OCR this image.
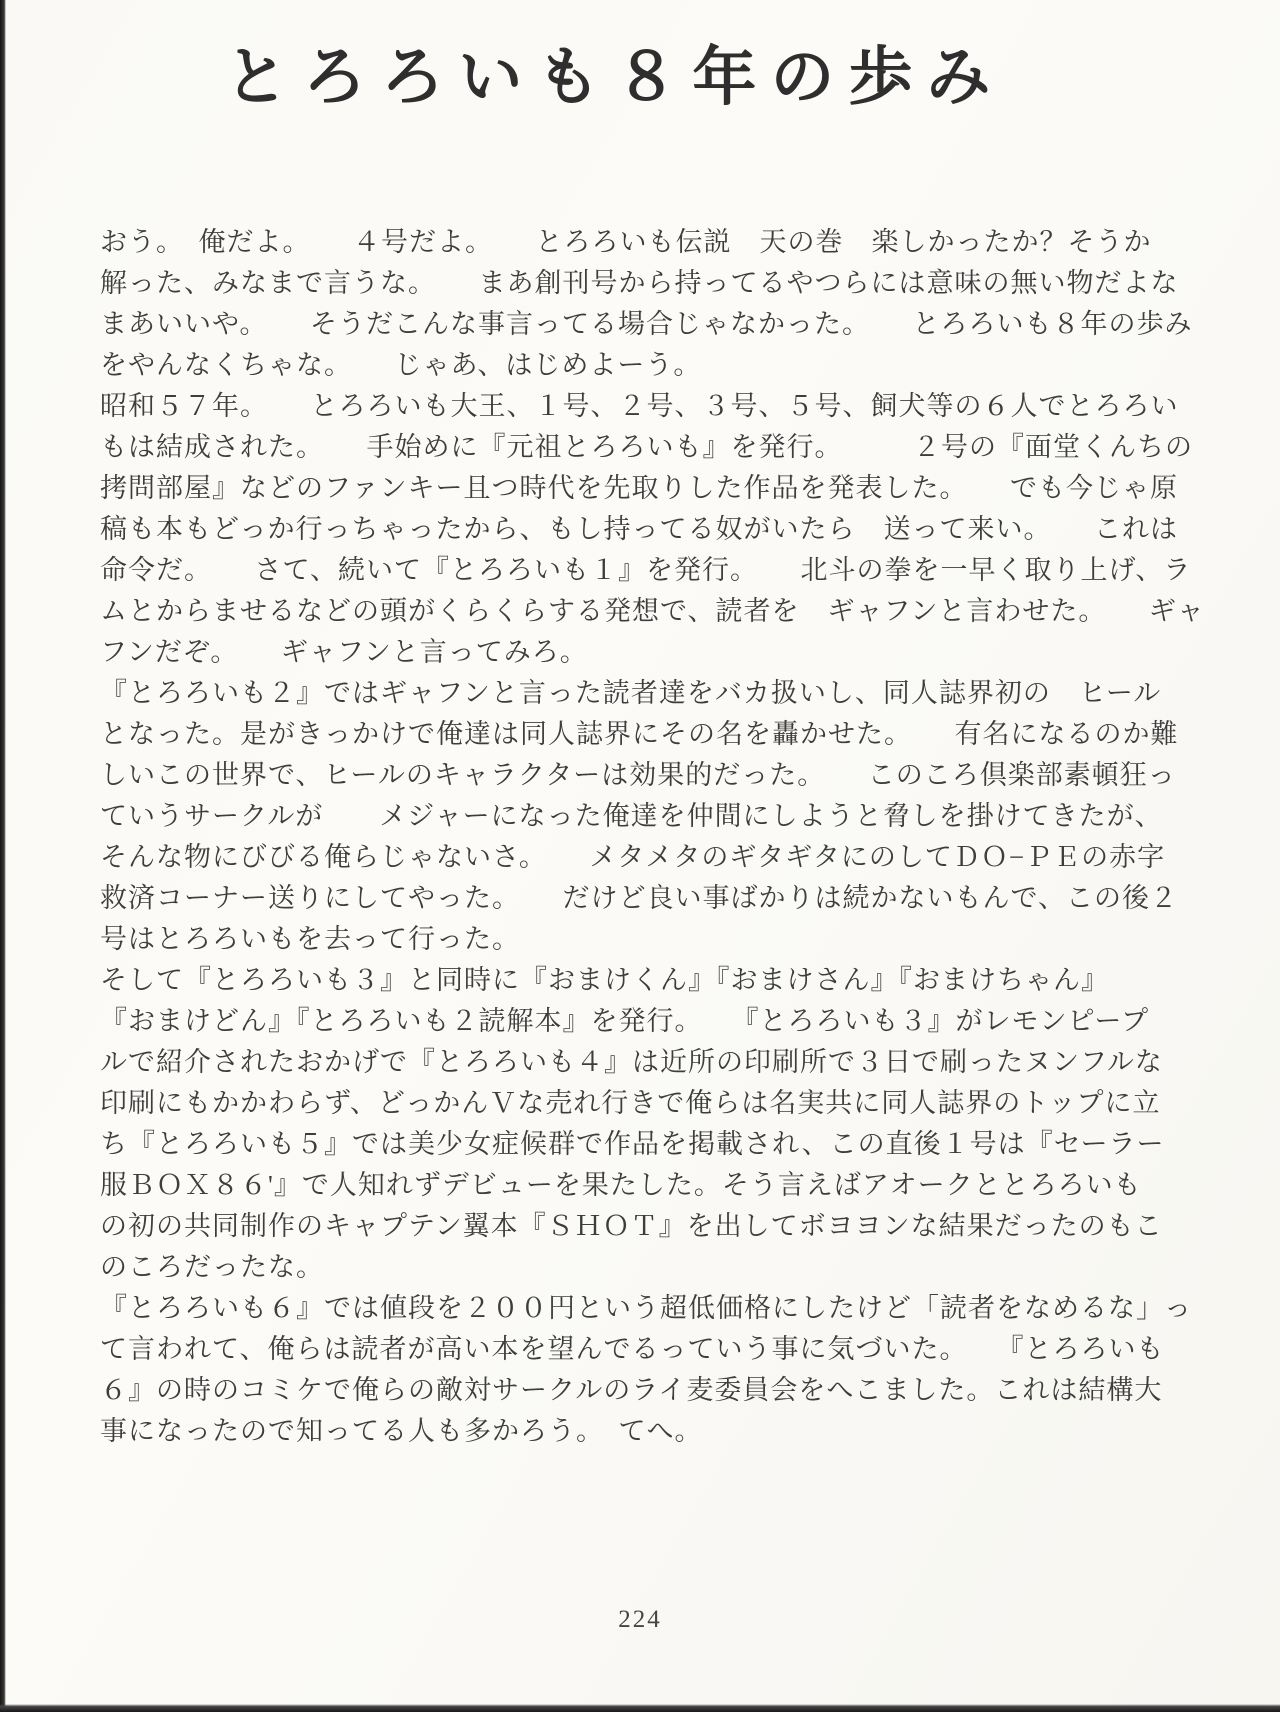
とろろいも８年の歩み
おう。　俺だよ。　　４号だよ。　　とろろいも伝説　天の巻　楽しかったか？そうか
解った、みなまで言うな。　　まあ創刊号から持ってるやつらには意味の無い物だよな
まあいいや。　　そうだこんな事言ってる場合じゃなかった。　　とろろいも８年の歩み
をやんなくちゃな。　　じゃあ、はじめよーう。
昭和５７年。　　とろろいも大王、１号、２号、３号、５号、飼犬等の６人でとろろい
もは結成された。　　手始めに『元祖とろろいも』を発行。　　　２号の『面堂くんちの
拷問部屋』などのファンキー且つ時代を先取りした作品を発表した。　　でも今じゃ原
稿も本もどっか行っちゃったから、もし持ってる奴がいたら　送って来い。　　これは
命令だ。　　さて、続いて『とろろいも１』を発行。　　北斗の拳を一早く取り上げ、ラ
ムとからませるなどの頭がくらくらする発想で、読者を　ギャフンと言わせた。　　ギャ
フンだぞ。　　ギャフンと言ってみろ。
『とろろいも２』ではギャフンと言った読者達をバカ扱いし、同人誌界初の　ヒール
となった。是がきっかけで俺達は同人誌界にその名を轟かせた。　　有名になるのか難
しいこの世界で、ヒールのキャラクターは効果的だった。　　このころ倶楽部素頓狂っ
ていうサークルが　　メジャーになった俺達を仲間にしようと脅しを掛けてきたが、
そんな物にびびる俺らじゃないさ。　　メタメタのギタギタにのしてＤＯ−ＰＥの赤字
救済コーナー送りにしてやった。　　だけど良い事ばかりは続かないもんで、この後２
号はとろろいもを去って行った。
そして『とろろいも３』と同時に『おまけくん』『おまけさん』『おまけちゃん』
『おまけどん』『とろろいも２読解本』を発行。　　『とろろいも３』がレモンピープ
ルで紹介されたおかげで『とろろいも４』は近所の印刷所で３日で刷ったヌンフルな
印刷にもかかわらず、どっかんＶな売れ行きで俺らは名実共に同人誌界のトップに立
ち『とろろいも５』では美少女症候群で作品を掲載され、この直後１号は『セーラー
服ＢＯＸ８６'』で人知れずデビューを果たした。そう言えばアオークととろろいも
の初の共同制作のキャプテン翼本『ＳＨＯＴ』を出してボヨヨンな結果だったのもこ
のころだったな。
『とろろいも６』では値段を２００円という超低価格にしたけど「読者をなめるな」っ
て言われて、俺らは読者が高い本を望んでるっていう事に気づいた。　　『とろろいも
６』の時のコミケで俺らの敵対サークルのライ麦委員会をへこました。これは結構大
事になったので知ってる人も多かろう。　てへ。
224
